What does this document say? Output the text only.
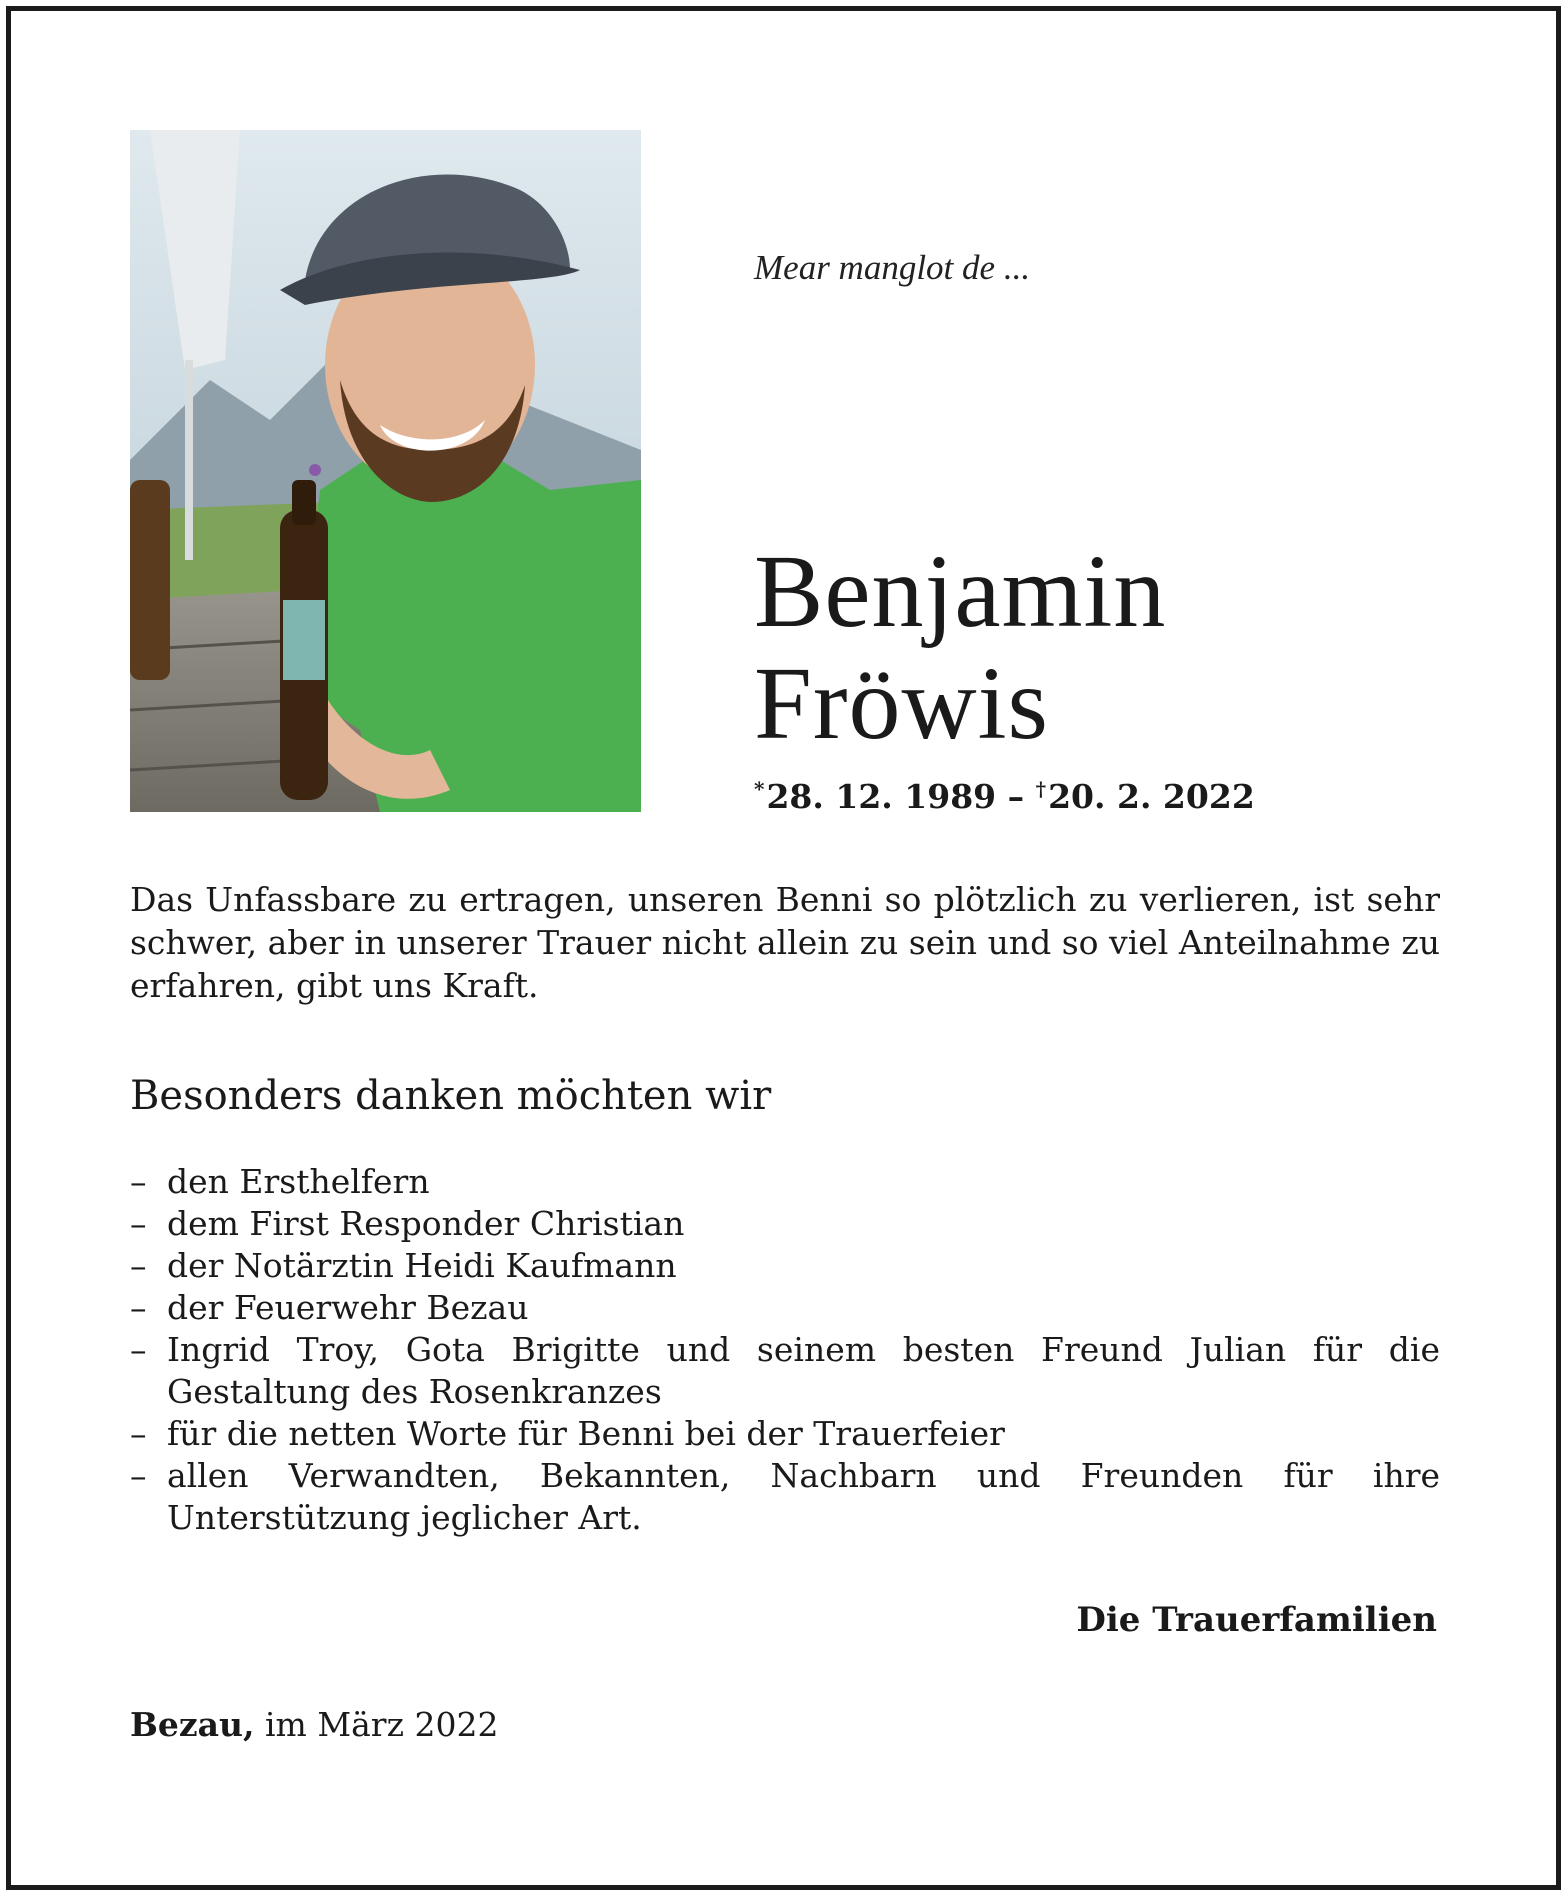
Mear manglot de ...
Benjamin
Fröwis
*28. 12. 1989 – †20. 2. 2022
Das Unfassbare zu ertragen, unseren Benni so plötzlich zu verlieren, ist sehr schwer, aber in unserer Trauer nicht allein zu sein und so viel Anteilnahme zu erfahren, gibt uns Kraft.
Besonders danken möchten wir
– den Ersthelfern
– dem First Responder Christian
– der Notärztin Heidi Kaufmann
– der Feuerwehr Bezau
– Ingrid Troy, Gota Brigitte und seinem besten Freund Julian für die Gestaltung des Rosenkranzes
– für die netten Worte für Benni bei der Trauerfeier
– allen Verwandten, Bekannten, Nachbarn und Freunden für ihre Unterstützung jeglicher Art.
Die Trauerfamilien
Bezau, im März 2022
